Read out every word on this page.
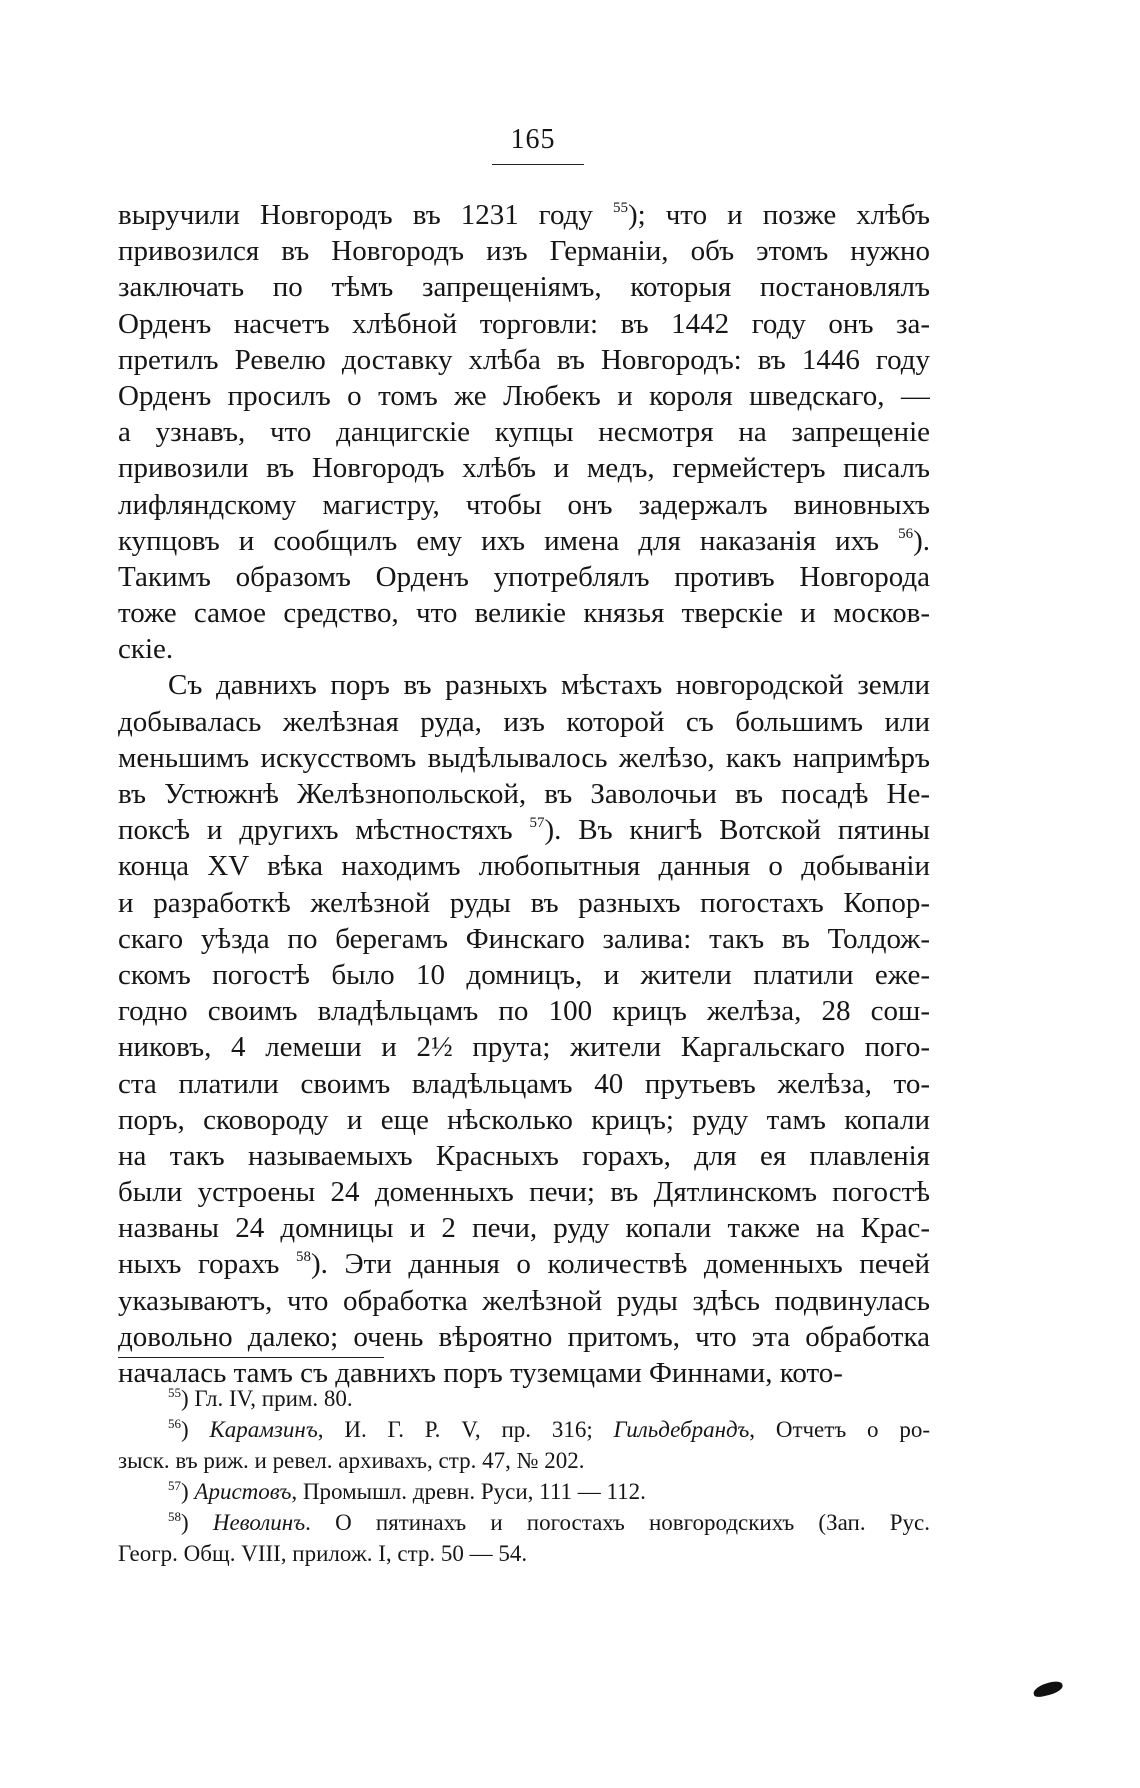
165
выручили Новгородъ въ 1231 году $^{55}$); что и позже хлѣбъ
привозился въ Новгородъ изъ Германіи, объ этомъ нужно
заключать по тѣмъ запрещеніямъ, которыя постановлялъ
Орденъ насчетъ хлѣбной торговли: въ 1442 году онъ за-
претилъ Ревелю доставку хлѣба въ Новгородъ: въ 1446 году
Орденъ просилъ о томъ же Любекъ и короля шведскаго, —
а узнавъ, что данцигскіе купцы несмотря на запрещеніе
привозили въ Новгородъ хлѣбъ и медъ, гермейстеръ писалъ
лифляндскому магистру, чтобы онъ задержалъ виновныхъ
купцовъ и сообщилъ ему ихъ имена для наказанія ихъ $^{56}$).
Такимъ образомъ Орденъ употреблялъ противъ Новгорода
тоже самое средство, что великіе князья тверскіе и москов-
скіе.
Съ давнихъ поръ въ разныхъ мѣстахъ новгородской земли
добывалась желѣзная руда, изъ которой съ большимъ или
меньшимъ искусствомъ выдѣлывалось желѣзо, какъ напримѣръ
въ Устюжнѣ Желѣзнопольской, въ Заволочьи въ посадѣ Не-
поксѣ и другихъ мѣстностяхъ $^{57}$). Въ книгѣ Вотской пятины
конца XV вѣка находимъ любопытныя данныя о добываніи
и разработкѣ желѣзной руды въ разныхъ погостахъ Копор-
скаго уѣзда по берегамъ Финскаго залива: такъ въ Толдож-
скомъ погостѣ было 10 домницъ, и жители платили еже-
годно своимъ владѣльцамъ по 100 крицъ желѣза, 28 сош-
никовъ, 4 лемеши и 2½ прута; жители Каргальскаго пого-
ста платили своимъ владѣльцамъ 40 прутьевъ желѣза, то-
поръ, сковороду и еще нѣсколько крицъ; руду тамъ копали
на такъ называемыхъ Красныхъ горахъ, для ея плавленія
были устроены 24 доменныхъ печи; въ Дятлинскомъ погостѣ
названы 24 домницы и 2 печи, руду копали также на Крас-
ныхъ горахъ $^{58}$). Эти данныя о количествѣ доменныхъ печей
указываютъ, что обработка желѣзной руды здѣсь подвинулась
довольно далеко; очень вѣроятно притомъ, что эта обработка
началась тамъ съ давнихъ поръ туземцами Финнами, кото-
$^{55}$) Гл. IV, прим. 80.
$^{56}$) Карамзинъ, И. Г. Р. V, пр. 316; Гильдебрандъ, Отчетъ о ро-
зыск. въ риж. и ревел. архивахъ, стр. 47, № 202.
$^{57}$) Аристовъ, Промышл. древн. Руси, 111 — 112.
$^{58}$) Неволинъ. О пятинахъ и погостахъ новгородскихъ (Зап. Рус.
Геогр. Общ. VIII, прилож. I, стр. 50 — 54.
